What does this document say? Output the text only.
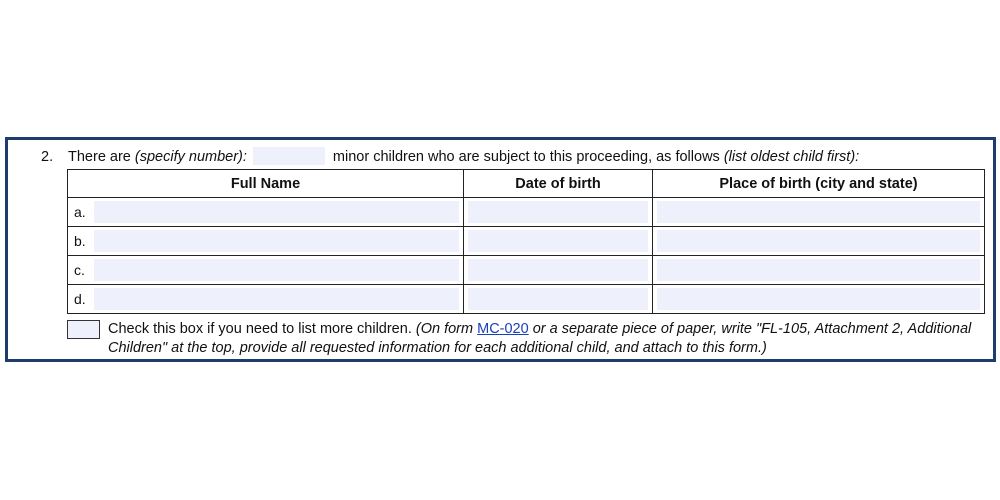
2. There are (specify number):	minor children who are subject to this proceeding, as follows (list oldest child first):
Full Name	Date of birth	Place of birth (city and state)

a.		

b.		

c.		

d.		

Check this box if you need to list more children. (On form MC-020 or a separate piece of paper, write "FL-105, Attachment 2, Additional Children" at the top, provide all requested information for each additional child, and attach to this form.)
